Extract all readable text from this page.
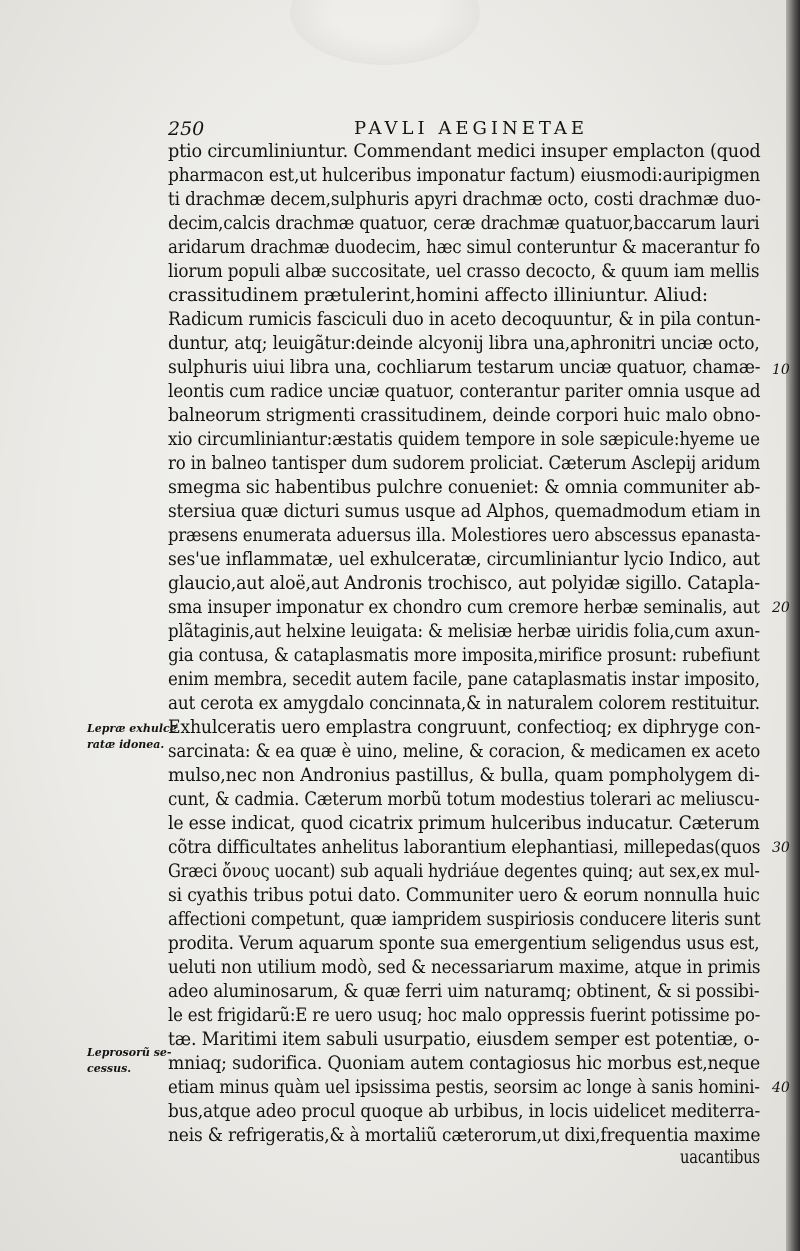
250	PAVLI AEGINETAE
ptio circumliniuntur. Commendant medici insuper emplacton (quod
pharmacon est,ut hulceribus imponatur factum) eiusmodi:auripigmen
ti drachmæ decem,sulphuris apyri drachmæ octo, costi drachmæ duo-
decim,calcis drachmæ quatuor, ceræ drachmæ quatuor,baccarum lauri
aridarum drachmæ duodecim, hæc simul conteruntur & macerantur fo
liorum populi albæ succositate, uel crasso decocto, & quum iam mellis
crassitudinem prætulerint,homini affecto illiniuntur. Aliud:
Radicum rumicis fasciculi duo in aceto decoquuntur, & in pila contun-
duntur, atq; leuigãtur:deinde alcyonij libra una,aphronitri unciæ octo,
sulphuris uiui libra una, cochliarum testarum unciæ quatuor, chamæ-
leontis cum radice unciæ quatuor, conterantur pariter omnia usque ad
balneorum strigmenti crassitudinem, deinde corpori huic malo obno-
xio circumliniantur:æstatis quidem tempore in sole sæpicule:hyeme ue
ro in balneo tantisper dum sudorem proliciat. Cæterum Asclepij aridum
smegma sic habentibus pulchre conueniet: & omnia communiter ab-
stersiua quæ dicturi sumus usque ad Alphos, quemadmodum etiam in
præsens enumerata aduersus illa. Molestiores uero abscessus epanasta-
ses'ue inflammatæ, uel exhulceratæ, circumliniantur lycio Indico, aut
glaucio,aut aloë,aut Andronis trochisco, aut polyidæ sigillo. Catapla-
sma insuper imponatur ex chondro cum cremore herbæ seminalis, aut
plãtaginis,aut helxine leuigata: & melisiæ herbæ uiridis folia,cum axun-
gia contusa, & cataplasmatis more imposita,mirifice prosunt: rubefiunt
enim membra, secedit autem facile, pane cataplasmatis instar imposito,
aut cerota ex amygdalo concinnata,& in naturalem colorem restituitur.
Exhulceratis uero emplastra congruunt, confectioq; ex diphryge con-
sarcinata: & ea quæ è uino, meline, & coracion, & medicamen ex aceto
mulso,nec non Andronius pastillus, & bulla, quam pompholygem di-
cunt, & cadmia. Cæterum morbũ totum modestius tolerari ac meliuscu-
le esse indicat, quod cicatrix primum hulceribus inducatur. Cæterum
cõtra difficultates anhelitus laborantium elephantiasi, millepedas(quos
Græci ὄνους uocant) sub aquali hydriáue degentes quinq; aut sex,ex mul-
si cyathis tribus potui dato. Communiter uero & eorum nonnulla huic
affectioni competunt, quæ iampridem suspiriosis conducere literis sunt
prodita. Verum aquarum sponte sua emergentium seligendus usus est,
ueluti non utilium modò, sed & necessariarum maxime, atque in primis
adeo aluminosarum, & quæ ferri uim naturamq; obtinent, & si possibi-
le est frigidarũ:E re uero usuq; hoc malo oppressis fuerint potissime po-
tæ. Maritimi item sabuli usurpatio, eiusdem semper est potentiæ, o-
mniaq; sudorifica. Quoniam autem contagiosus hic morbus est,neque
etiam minus quàm uel ipsissima pestis, seorsim ac longe à sanis homini-
bus,atque adeo procul quoque ab urbibus, in locis uidelicet mediterra-
neis & refrigeratis,& à mortaliũ cæterorum,ut dixi,frequentia maxime
uacantibus
Lepræ exhulce
ratæ idonea.
Leprosorũ se-
cessus.
10
20
30
40
